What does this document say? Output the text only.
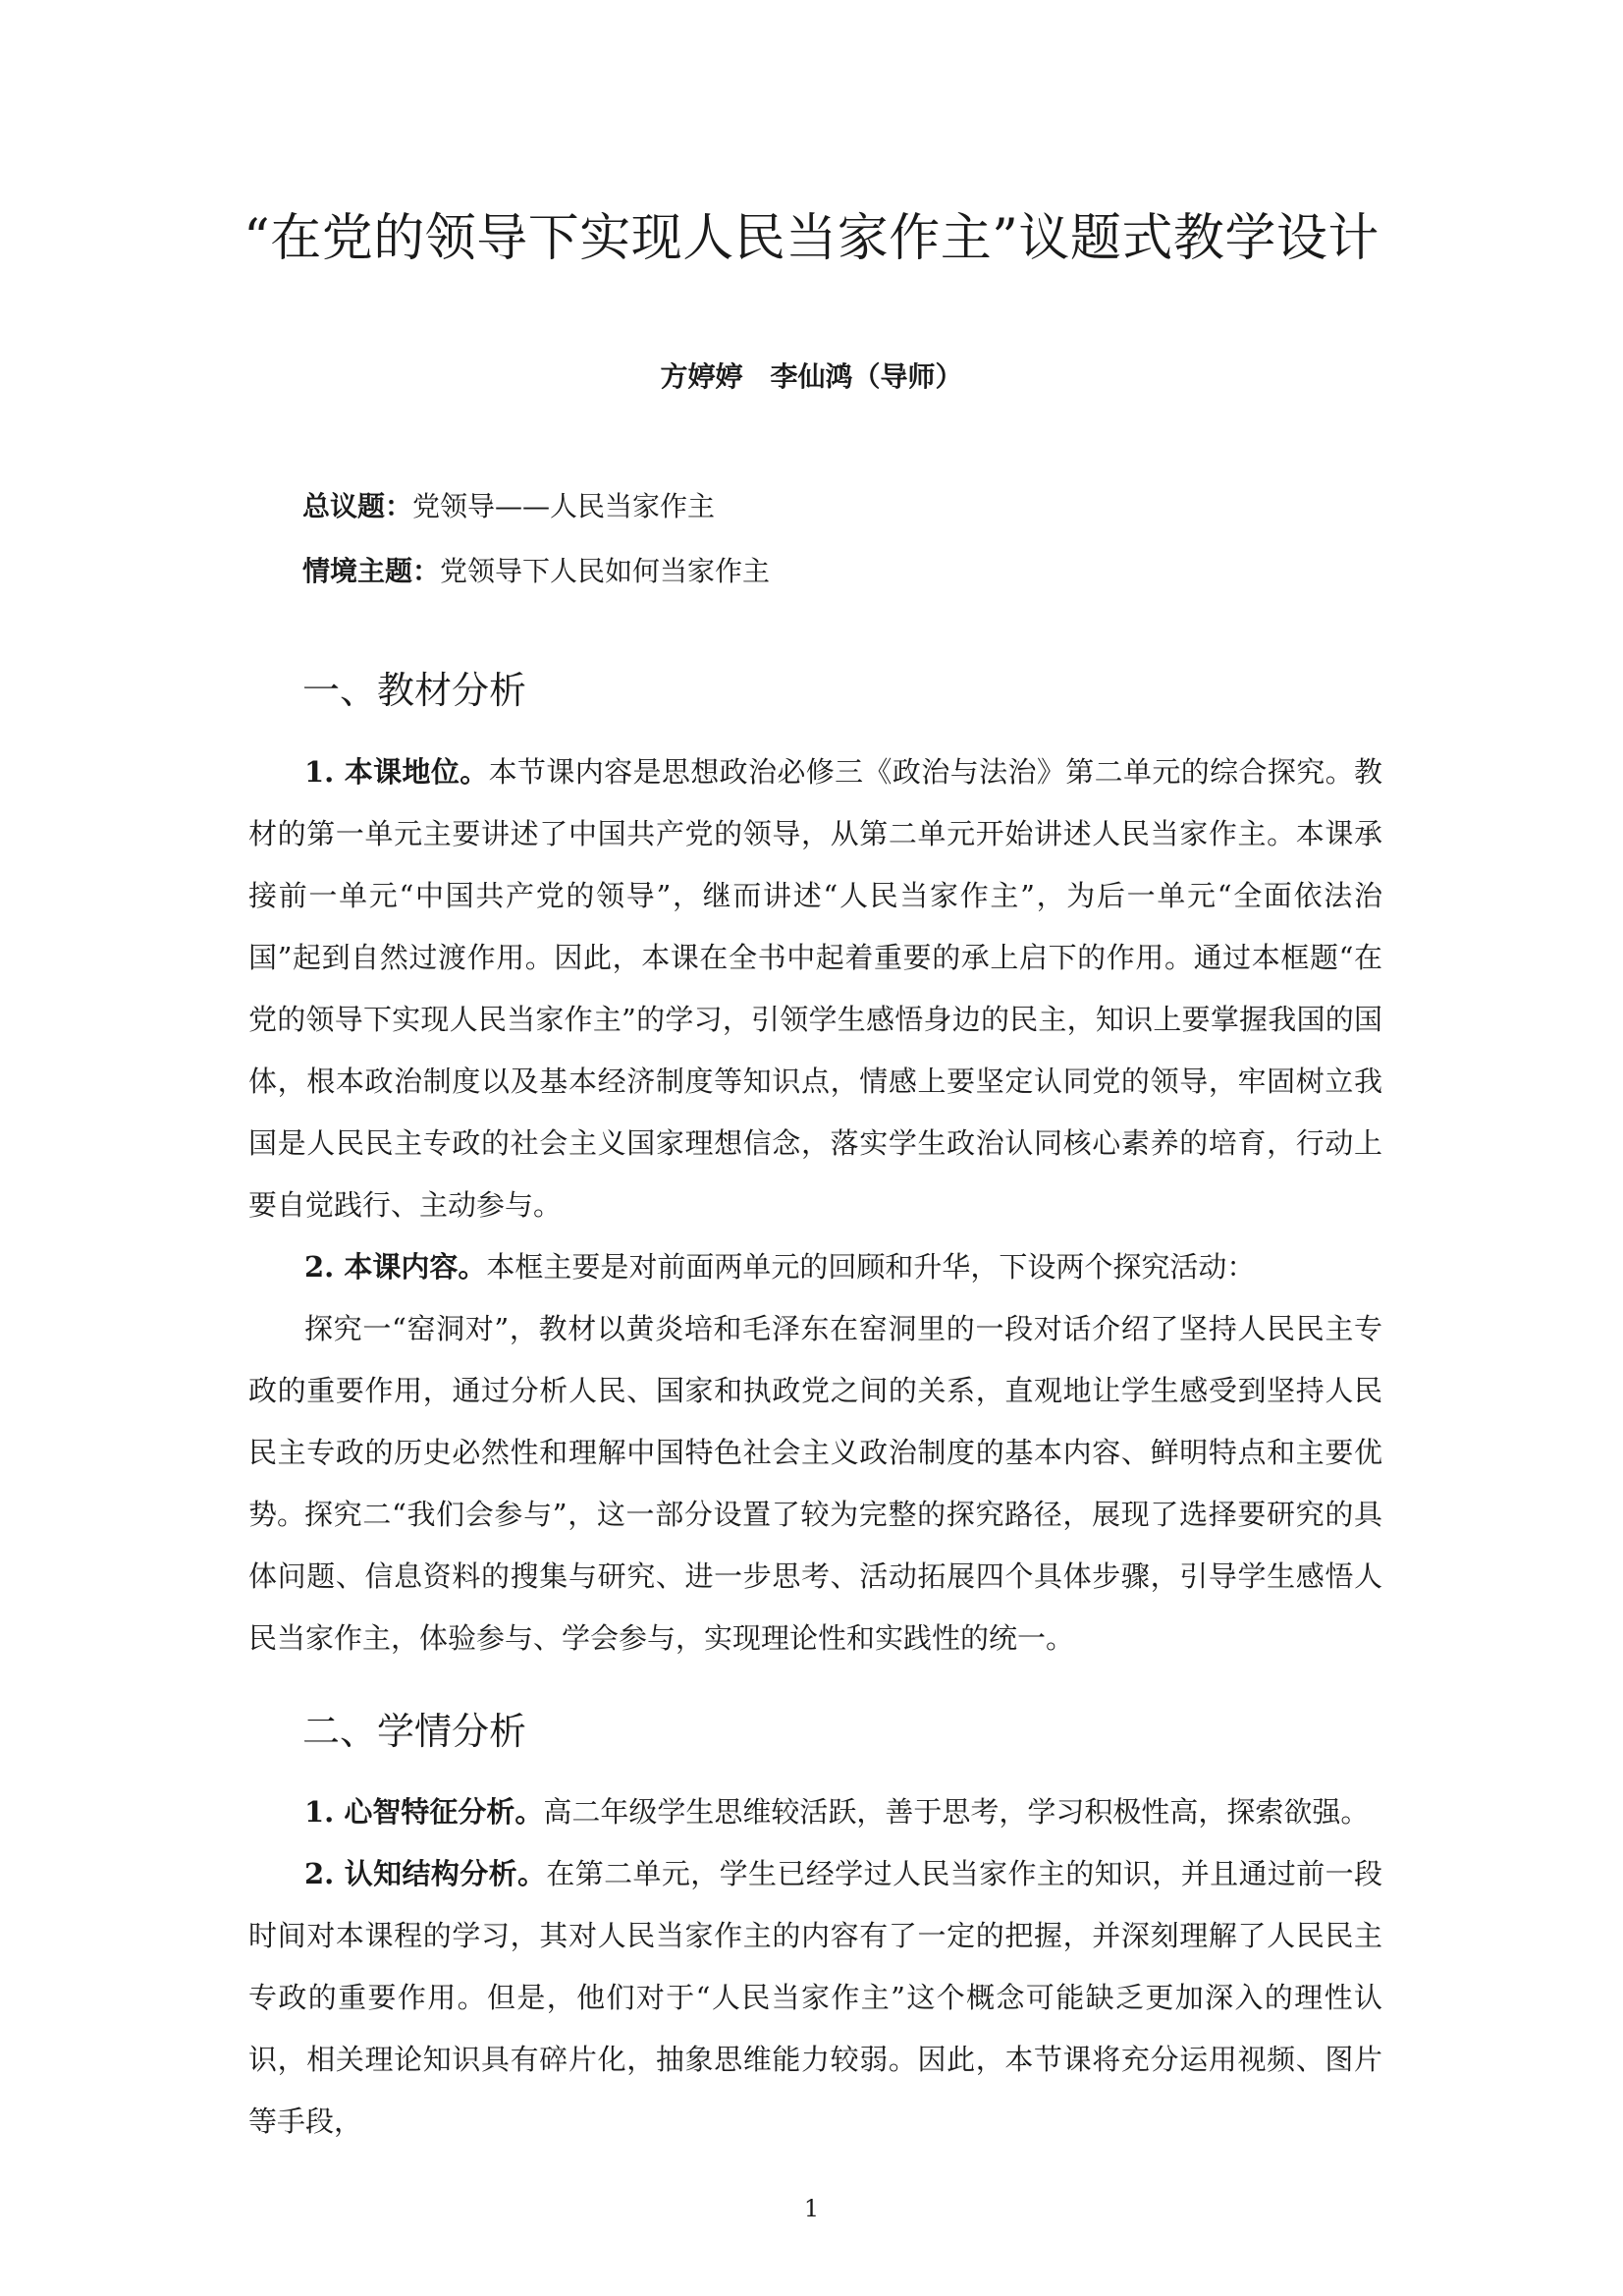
“在党的领导下实现人民当家作主”议题式教学设计
方婷婷 李仙鸿（导师）
总议题：党领导——人民当家作主
情境主题：党领导下人民如何当家作主
一、教材分析

1. 本课地位。本节课内容是思想政治必修三《政治与法治》第二单元的综合探究。教材的第一单元主要讲述了中国共产党的领导，从第二单元开始讲述人民当家作主。本课承接前一单元“中国共产党的领导”，继而讲述“人民当家作主”，为后一单元“全面依法治国”起到自然过渡作用。因此，本课在全书中起着重要的承上启下的作用。通过本框题“在党的领导下实现人民当家作主”的学习，引领学生感悟身边的民主，知识上要掌握我国的国体，根本政治制度以及基本经济制度等知识点，情感上要坚定认同党的领导，牢固树立我国是人民民主专政的社会主义国家理想信念，落实学生政治认同核心素养的培育，行动上要自觉践行、主动参与。

2. 本课内容。本框主要是对前面两单元的回顾和升华，下设两个探究活动：

探究一“窑洞对”，教材以黄炎培和毛泽东在窑洞里的一段对话介绍了坚持人民民主专政的重要作用，通过分析人民、国家和执政党之间的关系，直观地让学生感受到坚持人民民主专政的历史必然性和理解中国特色社会主义政治制度的基本内容、鲜明特点和主要优势。

探究二“我们会参与”，这一部分设置了较为完整的探究路径，展现了选择要研究的具体问题、信息资料的搜集与研究、进一步思考、活动拓展四个具体步骤，引导学生感悟人民当家作主，体验参与、学会参与，实现理论性和实践性的统一。

二、学情分析

1. 心智特征分析。高二年级学生思维较活跃，善于思考，学习积极性高，探索欲强。

2. 认知结构分析。在第二单元，学生已经学过人民当家作主的知识，并且通过前一段时间对本课程的学习，其对人民当家作主的内容有了一定的把握，并深刻理解了人民民主专政的重要作用。但是，他们对于“人民当家作主”这个概念可能缺乏更加深入的理性认识，相关理论知识具有碎片化，抽象思维能力较弱。因此，本节课将充分运用视频、图片等手段，

1
